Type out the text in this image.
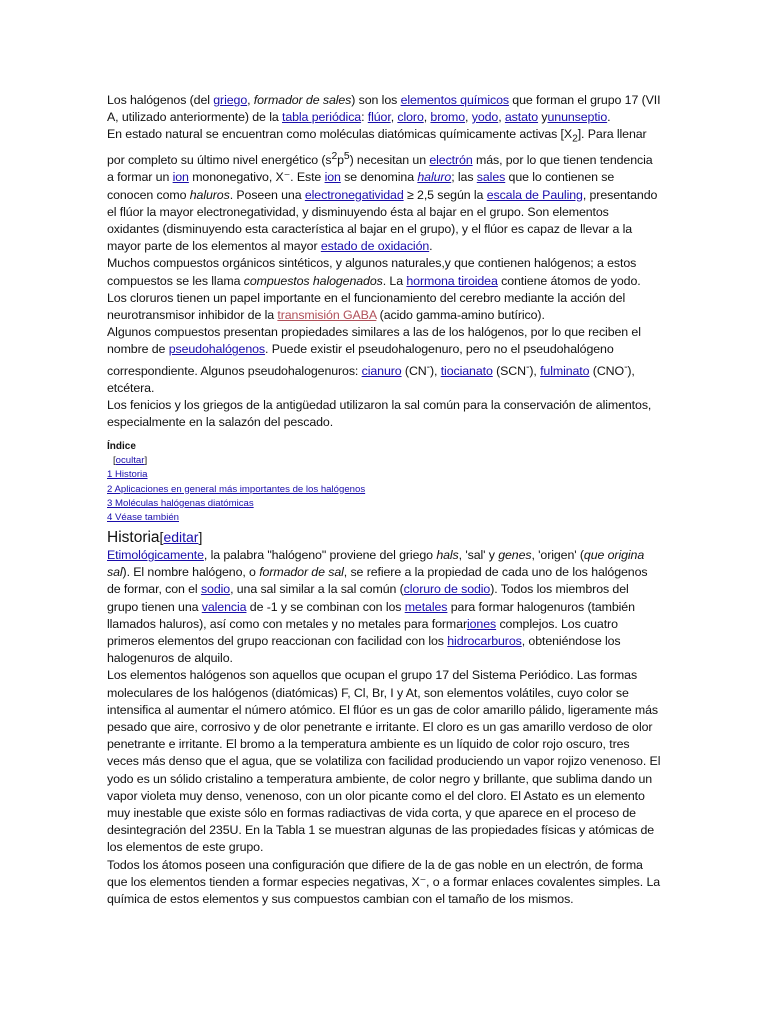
Los halógenos (del griego, formador de sales) son los elementos químicos que forman el grupo 17 (VII A, utilizado anteriormente) de la tabla periódica: flúor, cloro, bromo, yodo, astato yununseptio.

En estado natural se encuentran como moléculas diatómicas químicamente activas $[X_2]$. Para llenar por completo su último nivel energético $(s^2p^5)$ necesitan un electrón más, por lo que tienen tendencia a formar un ion mononegativo, X⁻. Este ion se denomina haluro; las sales que lo contienen se conocen como haluros. Poseen una electronegatividad ≥ 2,5 según la escala de Pauling, presentando el flúor la mayor electronegatividad, y disminuyendo ésta al bajar en el grupo. Son elementos oxidantes (disminuyendo esta característica al bajar en el grupo), y el flúor es capaz de llevar a la mayor parte de los elementos al mayor estado de oxidación.

Muchos compuestos orgánicos sintéticos, y algunos naturales,y que contienen halógenos; a estos compuestos se les llama compuestos halogenados. La hormona tiroidea contiene átomos de yodo. Los cloruros tienen un papel importante en el funcionamiento del cerebro mediante la acción del neurotransmisor inhibidor de la transmisión GABA (acido gamma-amino butírico).

Algunos compuestos presentan propiedades similares a las de los halógenos, por lo que reciben el nombre de pseudohalógenos. Puede existir el pseudohalogenuro, pero no el pseudohalógeno correspondiente. Algunos pseudohalogenuros: cianuro (CN-), tiocianato (SCN-), fulminato (CNO-), etcétera.

Los fenicios y los griegos de la antigüedad utilizaron la sal común para la conservación de alimentos, especialmente en la salazón del pescado.

Índice
[ocultar]
1 Historia
2 Aplicaciones en general más importantes de los halógenos
3 Moléculas halógenas diatómicas
4 Véase también
Historia[editar]

Etimológicamente, la palabra "halógeno" proviene del griego hals, 'sal' y genes, 'origen' (que origina sal). El nombre halógeno, o formador de sal, se refiere a la propiedad de cada uno de los halógenos de formar, con el sodio, una sal similar a la sal común (cloruro de sodio). Todos los miembros del grupo tienen una valencia de -1 y se combinan con los metales para formar halogenuros (también llamados haluros), así como con metales y no metales para formariones complejos. Los cuatro primeros elementos del grupo reaccionan con facilidad con los hidrocarburos, obteniéndose los halogenuros de alquilo.

Los elementos halógenos son aquellos que ocupan el grupo 17 del Sistema Periódico. Las formas moleculares de los halógenos (diatómicas) F, Cl, Br, I y At, son elementos volátiles, cuyo color se intensifica al aumentar el número atómico. El flúor es un gas de color amarillo pálido, ligeramente más pesado que aire, corrosivo y de olor penetrante e irritante. El cloro es un gas amarillo verdoso de olor penetrante e irritante. El bromo a la temperatura ambiente es un líquido de color rojo oscuro, tres veces más denso que el agua, que se volatiliza con facilidad produciendo un vapor rojizo venenoso. El yodo es un sólido cristalino a temperatura ambiente, de color negro y brillante, que sublima dando un vapor violeta muy denso, venenoso, con un olor picante como el del cloro. El Astato es un elemento muy inestable que existe sólo en formas radiactivas de vida corta, y que aparece en el proceso de desintegración del 235U. En la Tabla 1 se muestran algunas de las propiedades físicas y atómicas de los elementos de este grupo.

Todos los átomos poseen una configuración que difiere de la de gas noble en un electrón, de forma que los elementos tienden a formar especies negativas, X⁻, o a formar enlaces covalentes simples. La química de estos elementos y sus compuestos cambian con el tamaño de los mismos.
